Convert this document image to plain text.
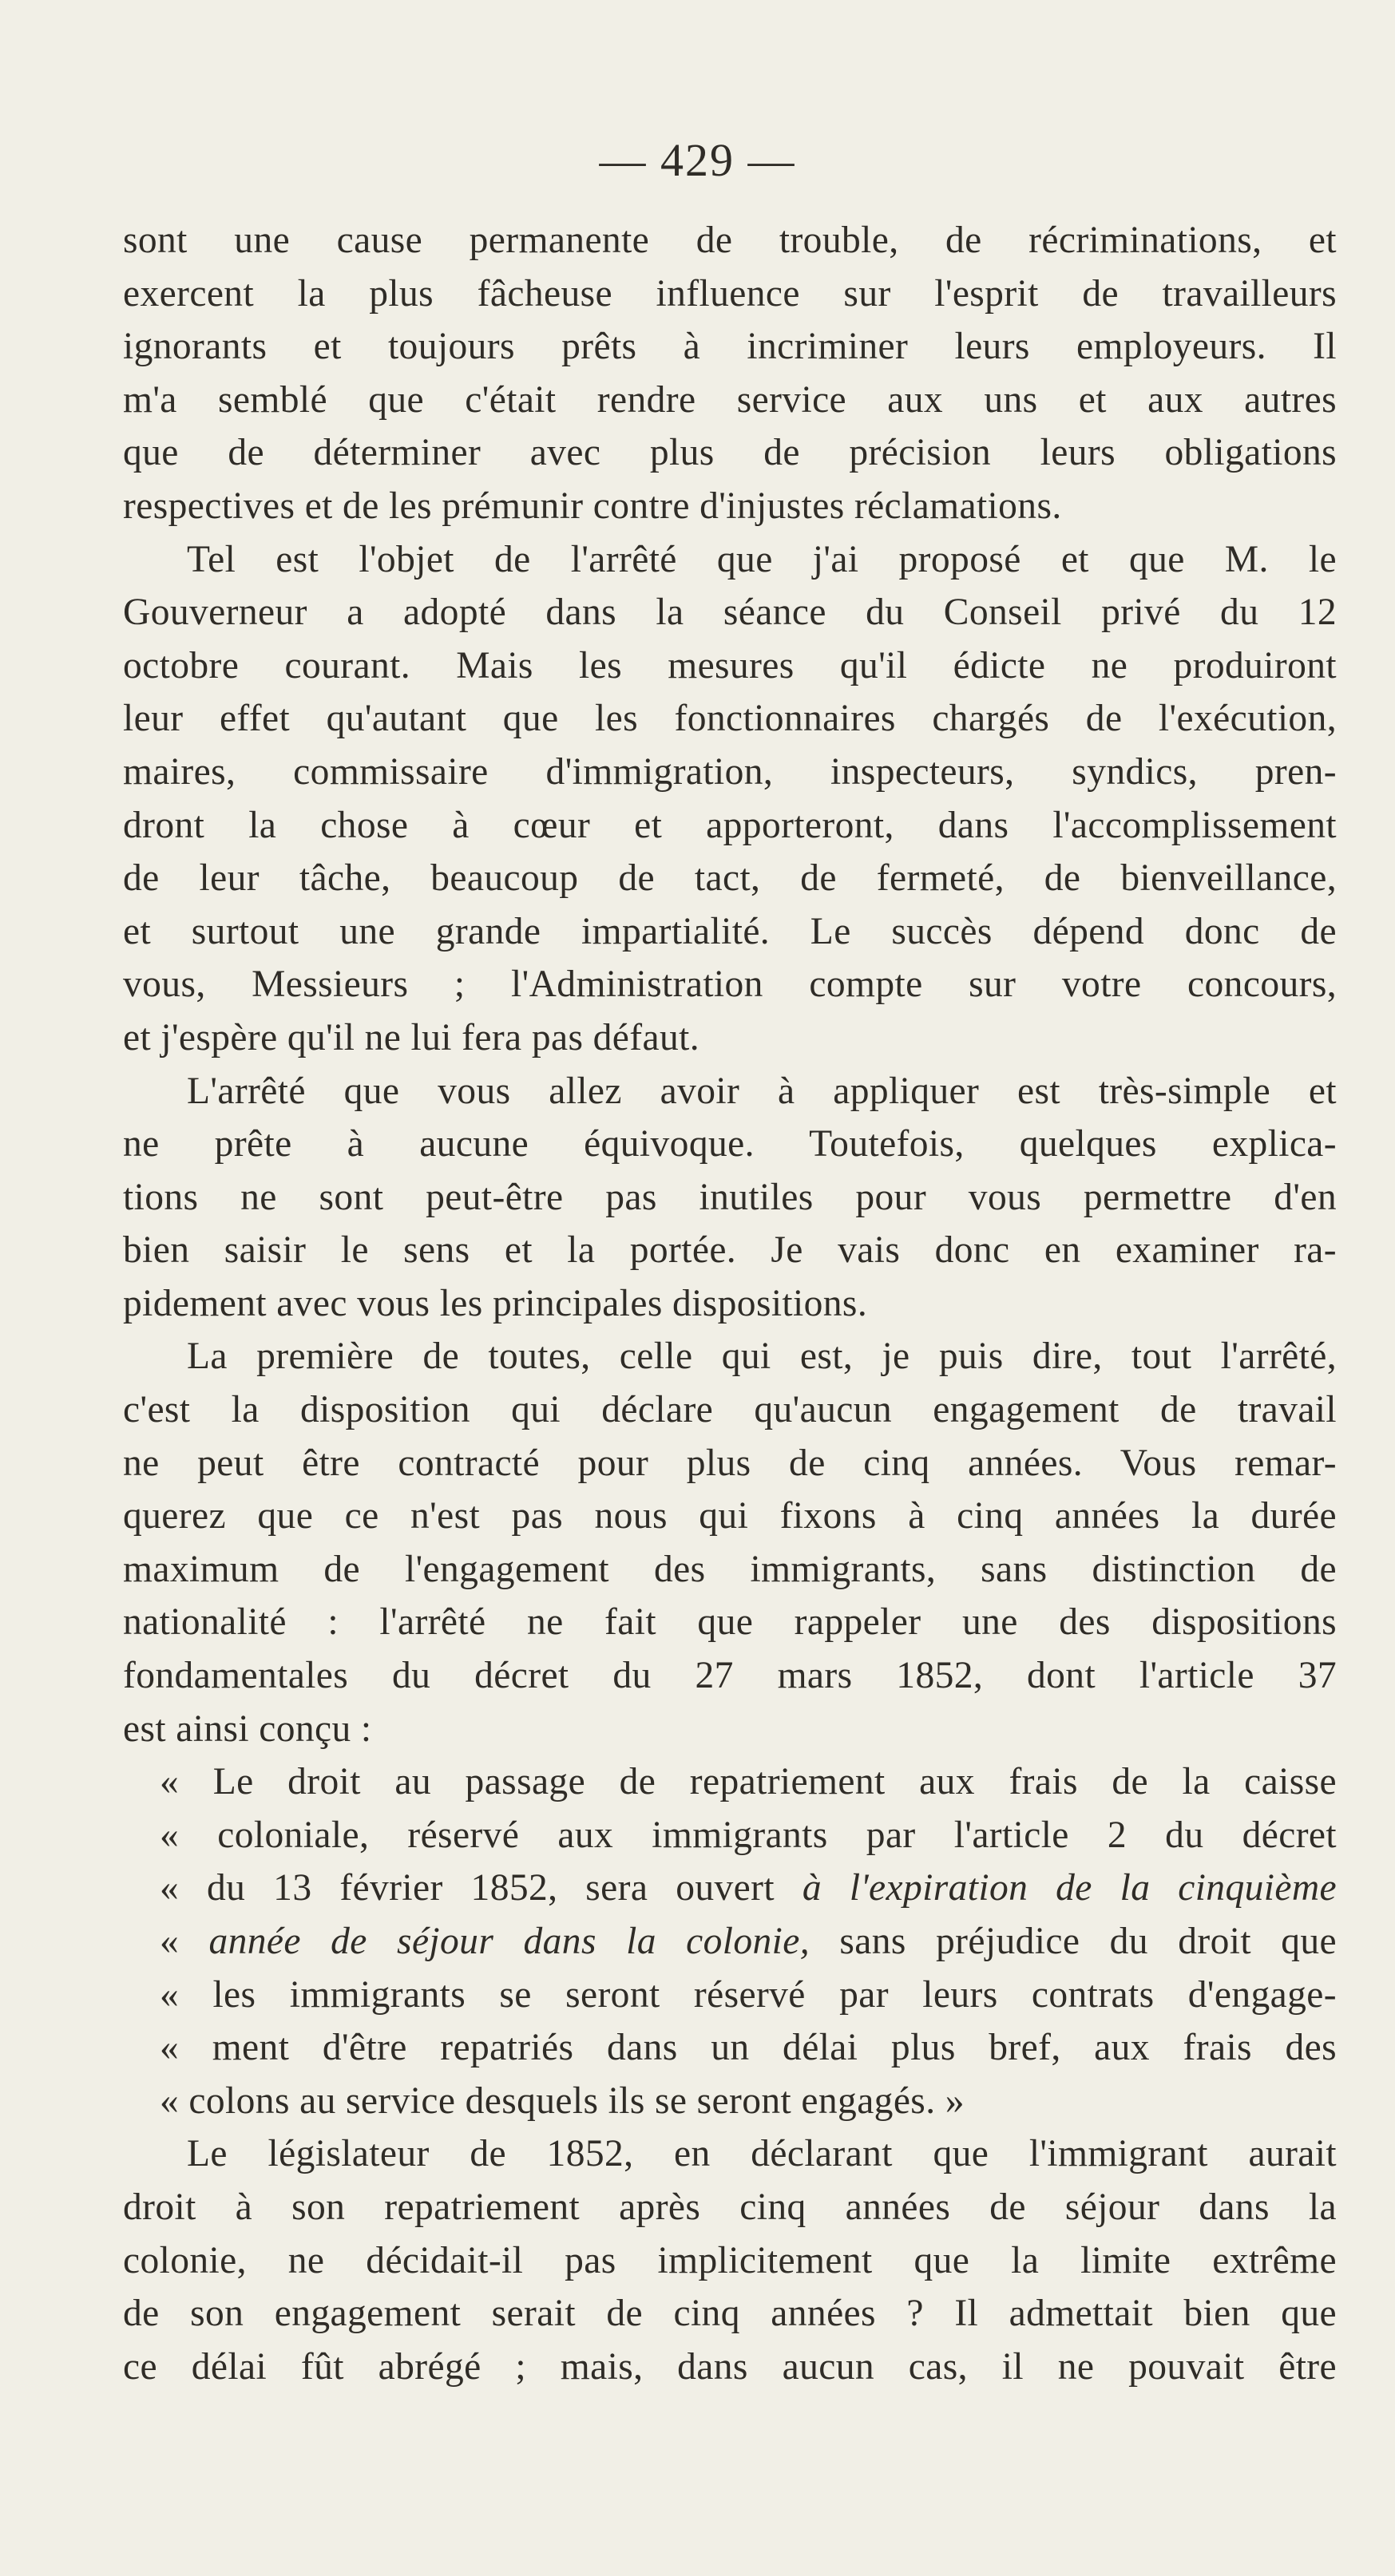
— 429 —
sont une cause permanente de trouble, de récriminations, et
exercent la plus fâcheuse influence sur l'esprit de travailleurs
ignorants et toujours prêts à incriminer leurs employeurs. Il
m'a semblé que c'était rendre service aux uns et aux autres
que de déterminer avec plus de précision leurs obligations
respectives et de les prémunir contre d'injustes réclamations.
Tel est l'objet de l'arrêté que j'ai proposé et que M. le
Gouverneur a adopté dans la séance du Conseil privé du 12
octobre courant. Mais les mesures qu'il édicte ne produiront
leur effet qu'autant que les fonctionnaires chargés de l'exécution,
maires, commissaire d'immigration, inspecteurs, syndics, pren-
dront la chose à cœur et apporteront, dans l'accomplissement
de leur tâche, beaucoup de tact, de fermeté, de bienveillance,
et surtout une grande impartialité. Le succès dépend donc de
vous, Messieurs ; l'Administration compte sur votre concours,
et j'espère qu'il ne lui fera pas défaut.
L'arrêté que vous allez avoir à appliquer est très-simple et
ne prête à aucune équivoque. Toutefois, quelques explica-
tions ne sont peut-être pas inutiles pour vous permettre d'en
bien saisir le sens et la portée. Je vais donc en examiner ra-
pidement avec vous les principales dispositions.
La première de toutes, celle qui est, je puis dire, tout l'arrêté,
c'est la disposition qui déclare qu'aucun engagement de travail
ne peut être contracté pour plus de cinq années. Vous remar-
querez que ce n'est pas nous qui fixons à cinq années la durée
maximum de l'engagement des immigrants, sans distinction de
nationalité : l'arrêté ne fait que rappeler une des dispositions
fondamentales du décret du 27 mars 1852, dont l'article 37
est ainsi conçu :
« Le droit au passage de repatriement aux frais de la caisse
« coloniale, réservé aux immigrants par l'article 2 du décret
« du 13 février 1852, sera ouvert à l'expiration de la cinquième
« année de séjour dans la colonie, sans préjudice du droit que
« les immigrants se seront réservé par leurs contrats d'engage-
« ment d'être repatriés dans un délai plus bref, aux frais des
« colons au service desquels ils se seront engagés. »
Le législateur de 1852, en déclarant que l'immigrant aurait
droit à son repatriement après cinq années de séjour dans la
colonie, ne décidait-il pas implicitement que la limite extrême
de son engagement serait de cinq années ? Il admettait bien que
ce délai fût abrégé ; mais, dans aucun cas, il ne pouvait être
